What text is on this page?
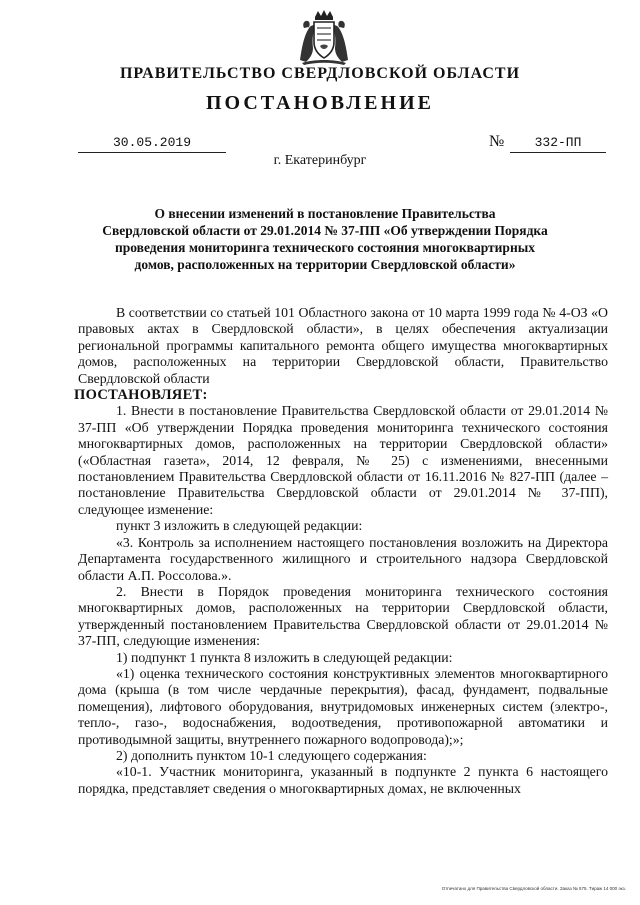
ПРАВИТЕЛЬСТВО СВЕРДЛОВСКОЙ ОБЛАСТИ
ПОСТАНОВЛЕНИЕ
30.05.2019	№	332-ПП
г. Екатеринбург
О внесении изменений в постановление Правительства
Свердловской области от 29.01.2014 № 37-ПП «Об утверждении Порядка
проведения мониторинга технического состояния многоквартирных
домов, расположенных на территории Свердловской области»

В соответствии со статьей 101 Областного закона от 10 марта 1999 года № 4-ОЗ «О правовых актах в Свердловской области», в целях обеспечения актуализации региональной программы капитального ремонта общего имущества многоквартирных домов, расположенных на территории Свердловской области, Правительство Свердловской области

ПОСТАНОВЛЯЕТ:

1. Внести в постановление Правительства Свердловской области от 29.01.2014 № 37-ПП «Об утверждении Порядка проведения мониторинга технического состояния многоквартирных домов, расположенных на территории Свердловской области» («Областная газета», 2014, 12 февраля, № 25) с изменениями, внесенными постановлением Правительства Свердловской области от 16.11.2016 № 827-ПП (далее – постановление Правительства Свердловской области от 29.01.2014 № 37-ПП), следующее изменение:

пункт 3 изложить в следующей редакции:

«3. Контроль за исполнением настоящего постановления возложить на Директора Департамента государственного жилищного и строительного надзора Свердловской области А.П. Россолова.».

2. Внести в Порядок проведения мониторинга технического состояния многоквартирных домов, расположенных на территории Свердловской области, утвержденный постановлением Правительства Свердловской области от 29.01.2014 № 37-ПП, следующие изменения:

1) подпункт 1 пункта 8 изложить в следующей редакции:

«1) оценка технического состояния конструктивных элементов многоквартирного дома (крыша (в том числе чердачные перекрытия), фасад, фундамент, подвальные помещения), лифтового оборудования, внутридомовых инженерных систем (электро-, тепло-, газо-, водоснабжения, водоотведения, противопожарной автоматики и противодымной защиты, внутреннего пожарного водопровода);»;

2) дополнить пунктом 10-1 следующего содержания:

«10-1. Участник мониторинга, указанный в подпункте 2 пункта 6 настоящего порядка, представляет сведения о многоквартирных домах, не включенных

Отпечатано для Правительства Свердловской области. Заказ № 575. Тираж 14 000 экз.
